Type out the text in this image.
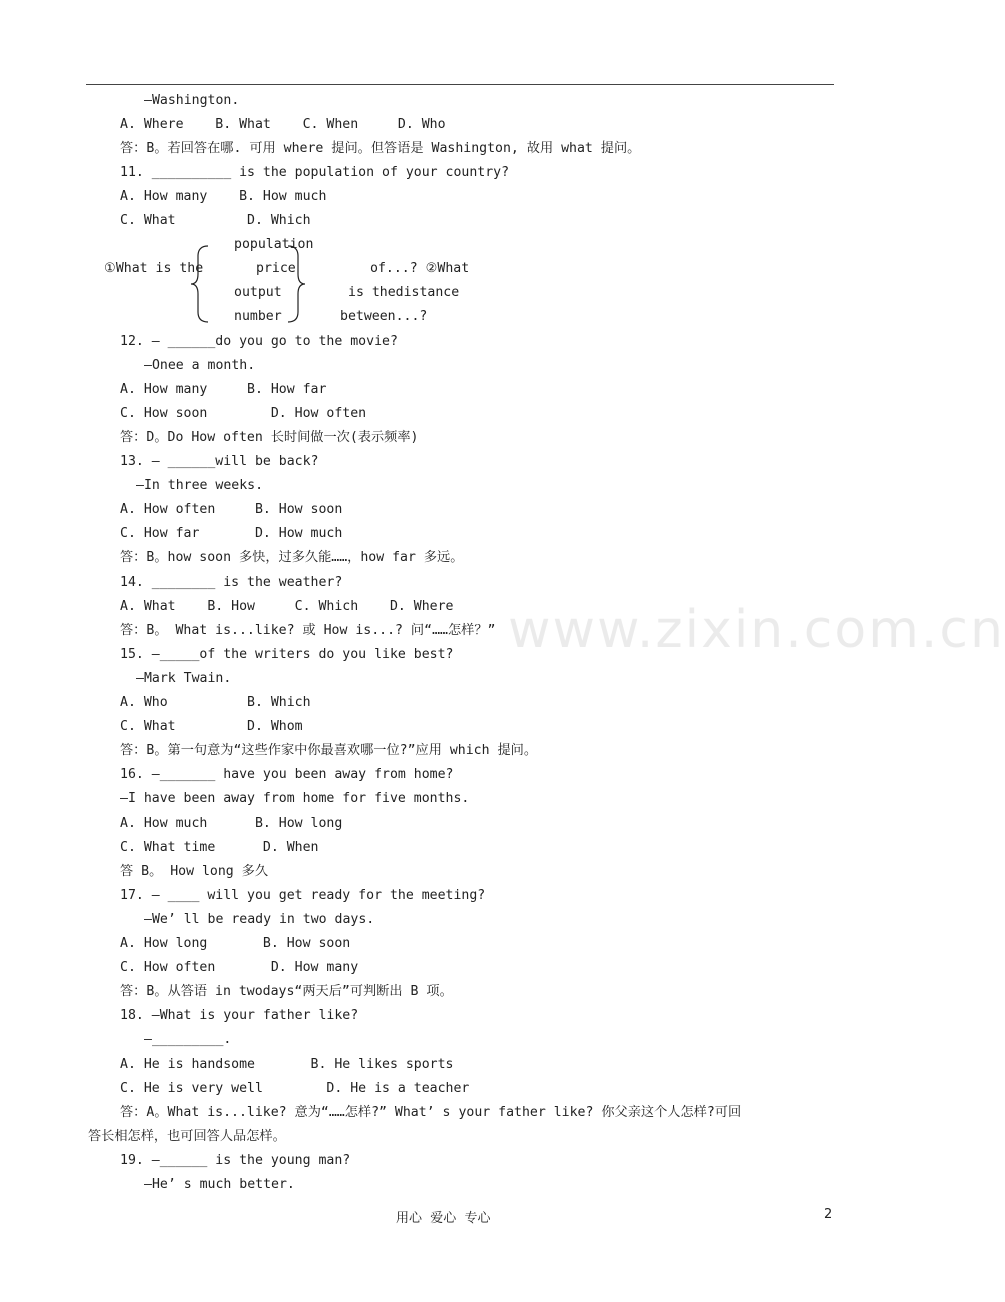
www.zixin.com.cn
—Washington.
A. Where    B. What    C. When     D. Who
答：B。若回答在哪. 可用 where 提问。但答语是 Washington, 故用 what 提问。
11. __________ is the population of your country?
A. How many    B. How much
C. What         D. Which
population
①What is the	price	of...? ②What
output	is thedistance
number	between...?
12. — ______do you go to the movie?
—Onee a month.
A. How many     B. How far
C. How soon        D. How often
答：D。Do How often 长时间做一次(表示频率)
13. — ______will be back?
—In three weeks.
A. How often     B. How soon
C. How far       D. How much
答：B。how soon 多快，过多久能……，how far 多远。
14. ________ is the weather?
A. What    B. How     C. Which    D. Where
答：B。 What is...like? 或 How is...? 问“……怎样？”
15. —_____of the writers do you like best?
—Mark Twain.
A. Who          B. Which
C. What         D. Whom
答：B。第一句意为“这些作家中你最喜欢哪一位?”应用 which 提问。
16. —_______ have you been away from home?
—I have been away from home for five months.
A. How much      B. How long
C. What time      D. When
答 B。 How long 多久
17. — ____ will you get ready for the meeting?
—We’ ll be ready in two days.
A. How long       B. How soon
C. How often       D. How many
答：B。从答语 in twodays“两天后”可判断出 B 项。
18. —What is your father like?
—_________.
A. He is handsome       B. He likes sports
C. He is very well        D. He is a teacher
答：A。What is...like? 意为“……怎样?” What’ s your father like? 你父亲这个人怎样?可回
答长相怎样，也可回答人品怎样。
19. —______ is the young man?
—He’ s much better.
用心  爱心  专心	2
